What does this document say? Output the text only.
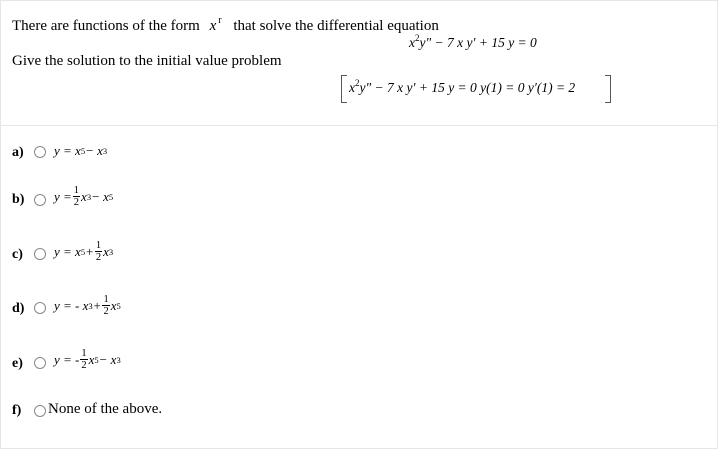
There are functions of the form x $^r$ that solve the differential equation
$x^2y$" − 7 x y′ + 15 y = 0
Give the solution to the initial value problem
$x^2y$" − 7 x y′ + 15 y = 0 y(1) = 0 y′(1) = 2
a) y = x 5 − x 3
b) $y = \frac{1}{2}$ x 3 − x 5
c) y = x $5 + \frac{1}{2}$ x 3
d) y = - x $3 + \frac{1}{2}$ x 5
e) y = - $\frac{1}{2}$ x 5 − x 3
f) None of the above.
